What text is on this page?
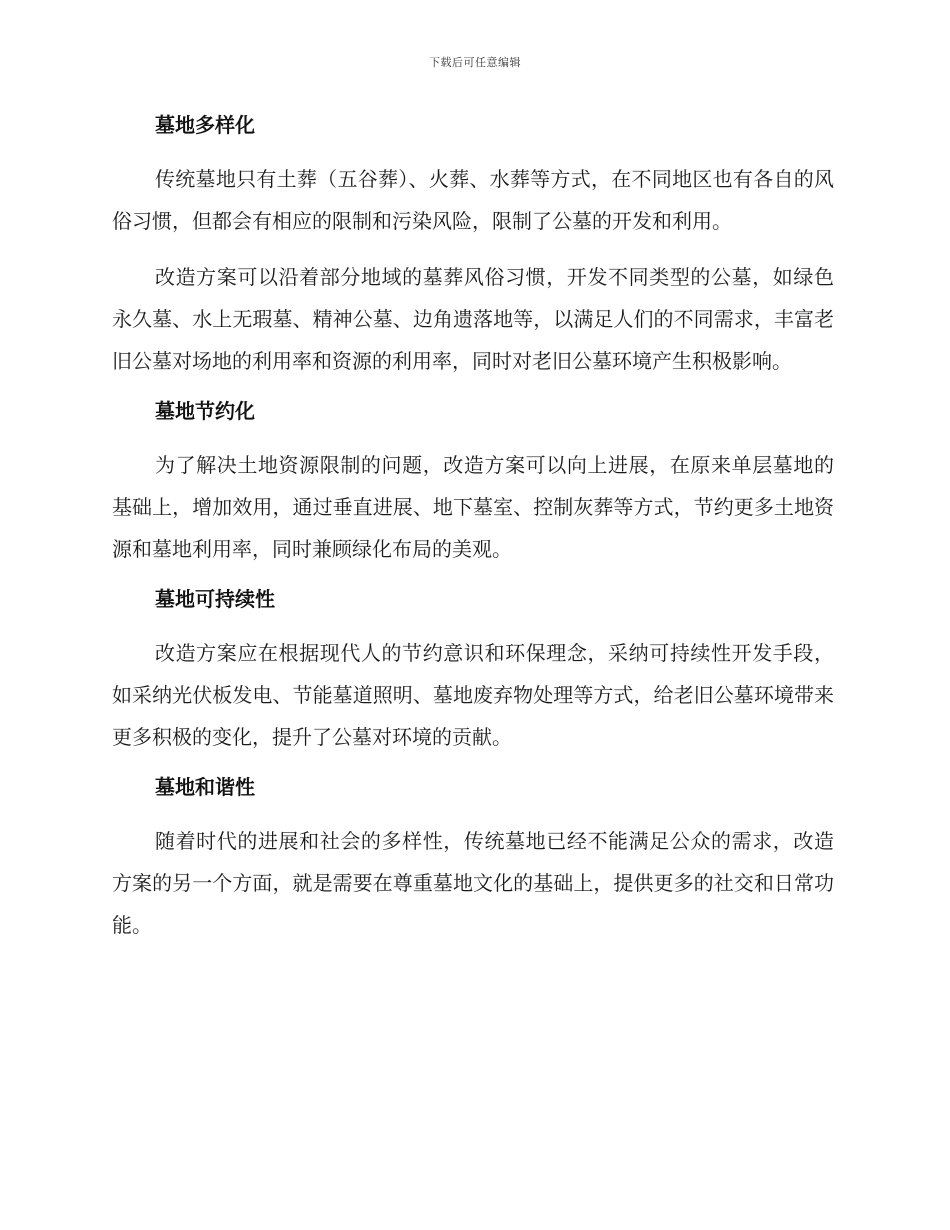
下载后可任意编辑
墓地多样化

传统墓地只有土葬（五谷葬）、火葬、水葬等方式，在不同地区也有各自的风俗习惯，但都会有相应的限制和污染风险，限制了公墓的开发和利用。

改造方案可以沿着部分地域的墓葬风俗习惯，开发不同类型的公墓，如绿色永久墓、水上无瑕墓、精神公墓、边角遗落地等，以满足人们的不同需求，丰富老旧公墓对场地的利用率和资源的利用率，同时对老旧公墓环境产生积极影响。

墓地节约化

为了解决土地资源限制的问题，改造方案可以向上进展，在原来单层墓地的基础上，增加效用，通过垂直进展、地下墓室、控制灰葬等方式，节约更多土地资源和墓地利用率，同时兼顾绿化布局的美观。

墓地可持续性

改造方案应在根据现代人的节约意识和环保理念，采纳可持续性开发手段，如采纳光伏板发电、节能墓道照明、墓地废弃物处理等方式，给老旧公墓环境带来更多积极的变化，提升了公墓对环境的贡献。

墓地和谐性

随着时代的进展和社会的多样性，传统墓地已经不能满足公众的需求，改造方案的另一个方面，就是需要在尊重墓地文化的基础上，提供更多的社交和日常功能。
